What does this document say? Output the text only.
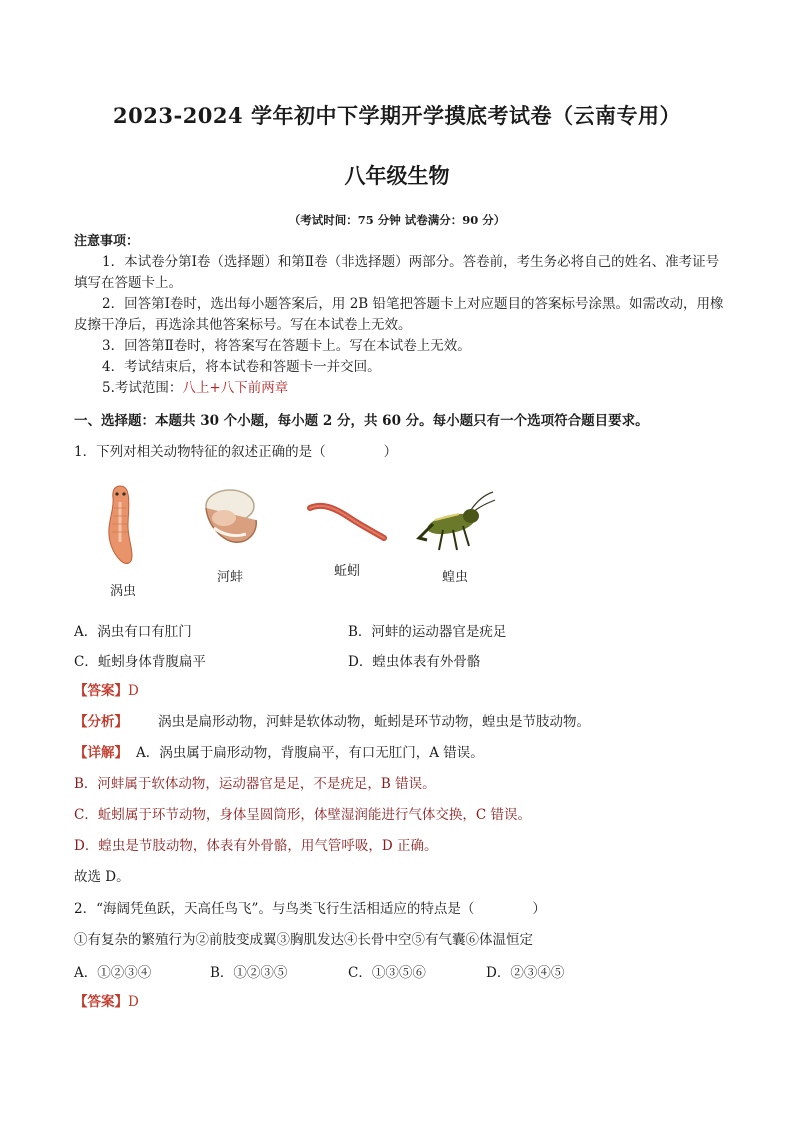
2023-2024 学年初中下学期开学摸底考试卷（云南专用）
八年级生物
（考试时间：75 分钟 试卷满分：90 分）
注意事项：
1．本试卷分第Ⅰ卷（选择题）和第Ⅱ卷（非选择题）两部分。答卷前，考生务必将自己的姓名、准考证号填写在答题卡上。
2．回答第Ⅰ卷时，选出每小题答案后，用 2B 铅笔把答题卡上对应题目的答案标号涂黑。如需改动，用橡皮擦干净后，再选涂其他答案标号。写在本试卷上无效。
3．回答第Ⅱ卷时，将答案写在答题卡上。写在本试卷上无效。
4．考试结束后，将本试卷和答题卡一并交回。
5.考试范围：八上+八下前两章
一、选择题：本题共 30 个小题，每小题 2 分，共 60 分。每小题只有一个选项符合题目要求。
1．下列对相关动物特征的叙述正确的是（	）
涡虫
河蚌	蚯蚓	蝗虫
A．涡虫有口有肛门	B．河蚌的运动器官是疣足
C．蚯蚓身体背腹扁平	D．蝗虫体表有外骨骼
【答案】D
【分析】 涡虫是扁形动物，河蚌是软体动物，蚯蚓是环节动物，蝗虫是节肢动物。
【详解】 A．涡虫属于扁形动物，背腹扁平，有口无肛门，A 错误。
B．河蚌属于软体动物，运动器官是足，不是疣足，B 错误。
C．蚯蚓属于环节动物，身体呈圆筒形，体壁湿润能进行气体交换，C 错误。
D．蝗虫是节肢动物，体表有外骨骼，用气管呼吸，D 正确。
故选 D。
2．“海阔凭鱼跃，天高任鸟飞”。与鸟类飞行生活相适应的特点是（	）
①有复杂的繁殖行为②前肢变成翼③胸肌发达④长骨中空⑤有气囊⑥体温恒定
A．①②③④	B．①②③⑤	C．①③⑤⑥	D．②③④⑤
【答案】D
